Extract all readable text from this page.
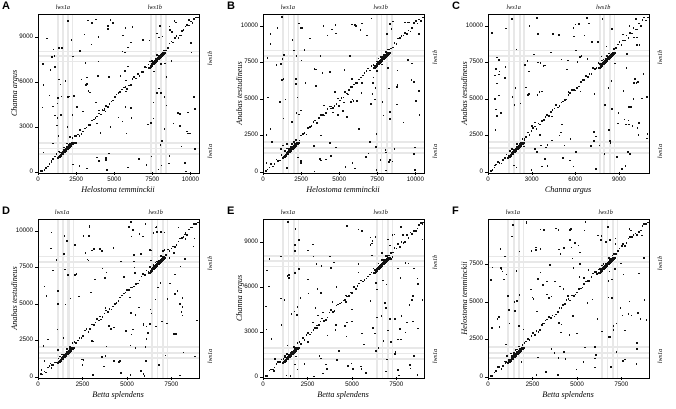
A
0	2500	5000	7500	10000
0
3000
6000
9000
Helostoma temminckii
Channa argus
lws1a	lws1b
lws1b
lws1a
B
0	2500	5000	7500	10000
0
2500
5000
7500
10000
Helostoma temminckii
Anabas testudineus
lws1a	lws1b
lws1b
lws1a
C
0	3000	6000	9000
0
2500
5000
7500
10000
Channa argus
Anabas testudineus
lws1a	lws1b
lws1b
lws1a
D
0	2500	5000	7500
0
2500
5000
7500
10000
Betta splendens
Anabas testudineus
lws1a	lws1b
lws1b
lws1a
E
0	2500	5000	7500
0
3000
6000
9000
Betta splendens
Channa argus
lws1a	lws1b
lws1b
lws1a
F
0	2500	5000	7500
0
2500
5000
7500
Betta splendens
Helostoma temminckii
lws1a	lws1b
lws1b
lws1a
